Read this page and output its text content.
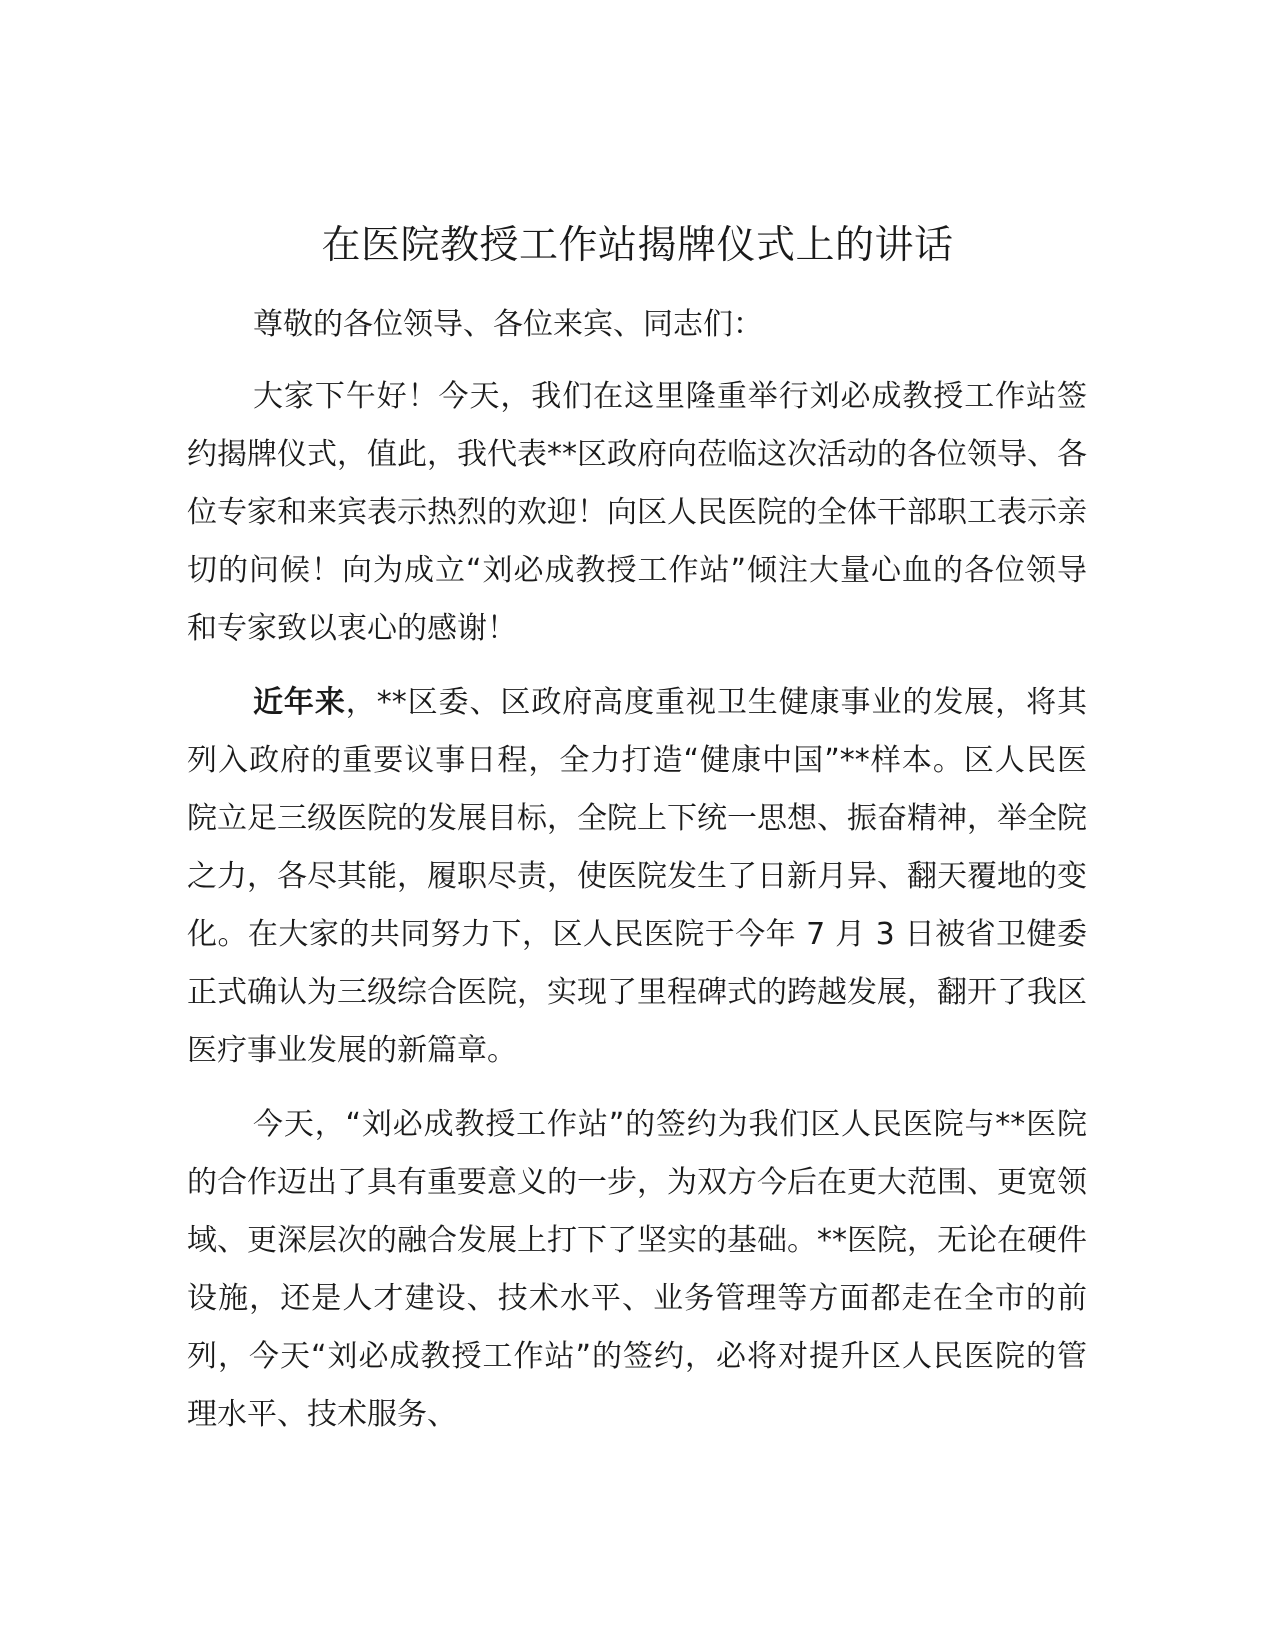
在医院教授工作站揭牌仪式上的讲话

尊敬的各位领导、各位来宾、同志们：

大家下午好！今天，我们在这里隆重举行刘必成教授工作站签约揭牌仪式，值此，我代表**区政府向莅临这次活动的各位领导、各位专家和来宾表示热烈的欢迎！向区人民医院的全体干部职工表示亲切的问候！向为成立“刘必成教授工作站”倾注大量心血的各位领导和专家致以衷心的感谢！

近年来，**区委、区政府高度重视卫生健康事业的发展，将其列入政府的重要议事日程，全力打造“健康中国”**样本。区人民医院立足三级医院的发展目标，全院上下统一思想、振奋精神，举全院之力，各尽其能，履职尽责，使医院发生了日新月异、翻天覆地的变化。在大家的共同努力下，区人民医院于今年 7 月 3 日被省卫健委正式确认为三级综合医院，实现了里程碑式的跨越发展，翻开了我区医疗事业发展的新篇章。

今天，“刘必成教授工作站”的签约为我们区人民医院与**医院的合作迈出了具有重要意义的一步，为双方今后在更大范围、更宽领域、更深层次的融合发展上打下了坚实的基础。**医院，无论在硬件设施，还是人才建设、技术水平、业务管理等方面都走在全市的前列，今天“刘必成教授工作站”的签约，必将对提升区人民医院的管理水平、技术服务、
